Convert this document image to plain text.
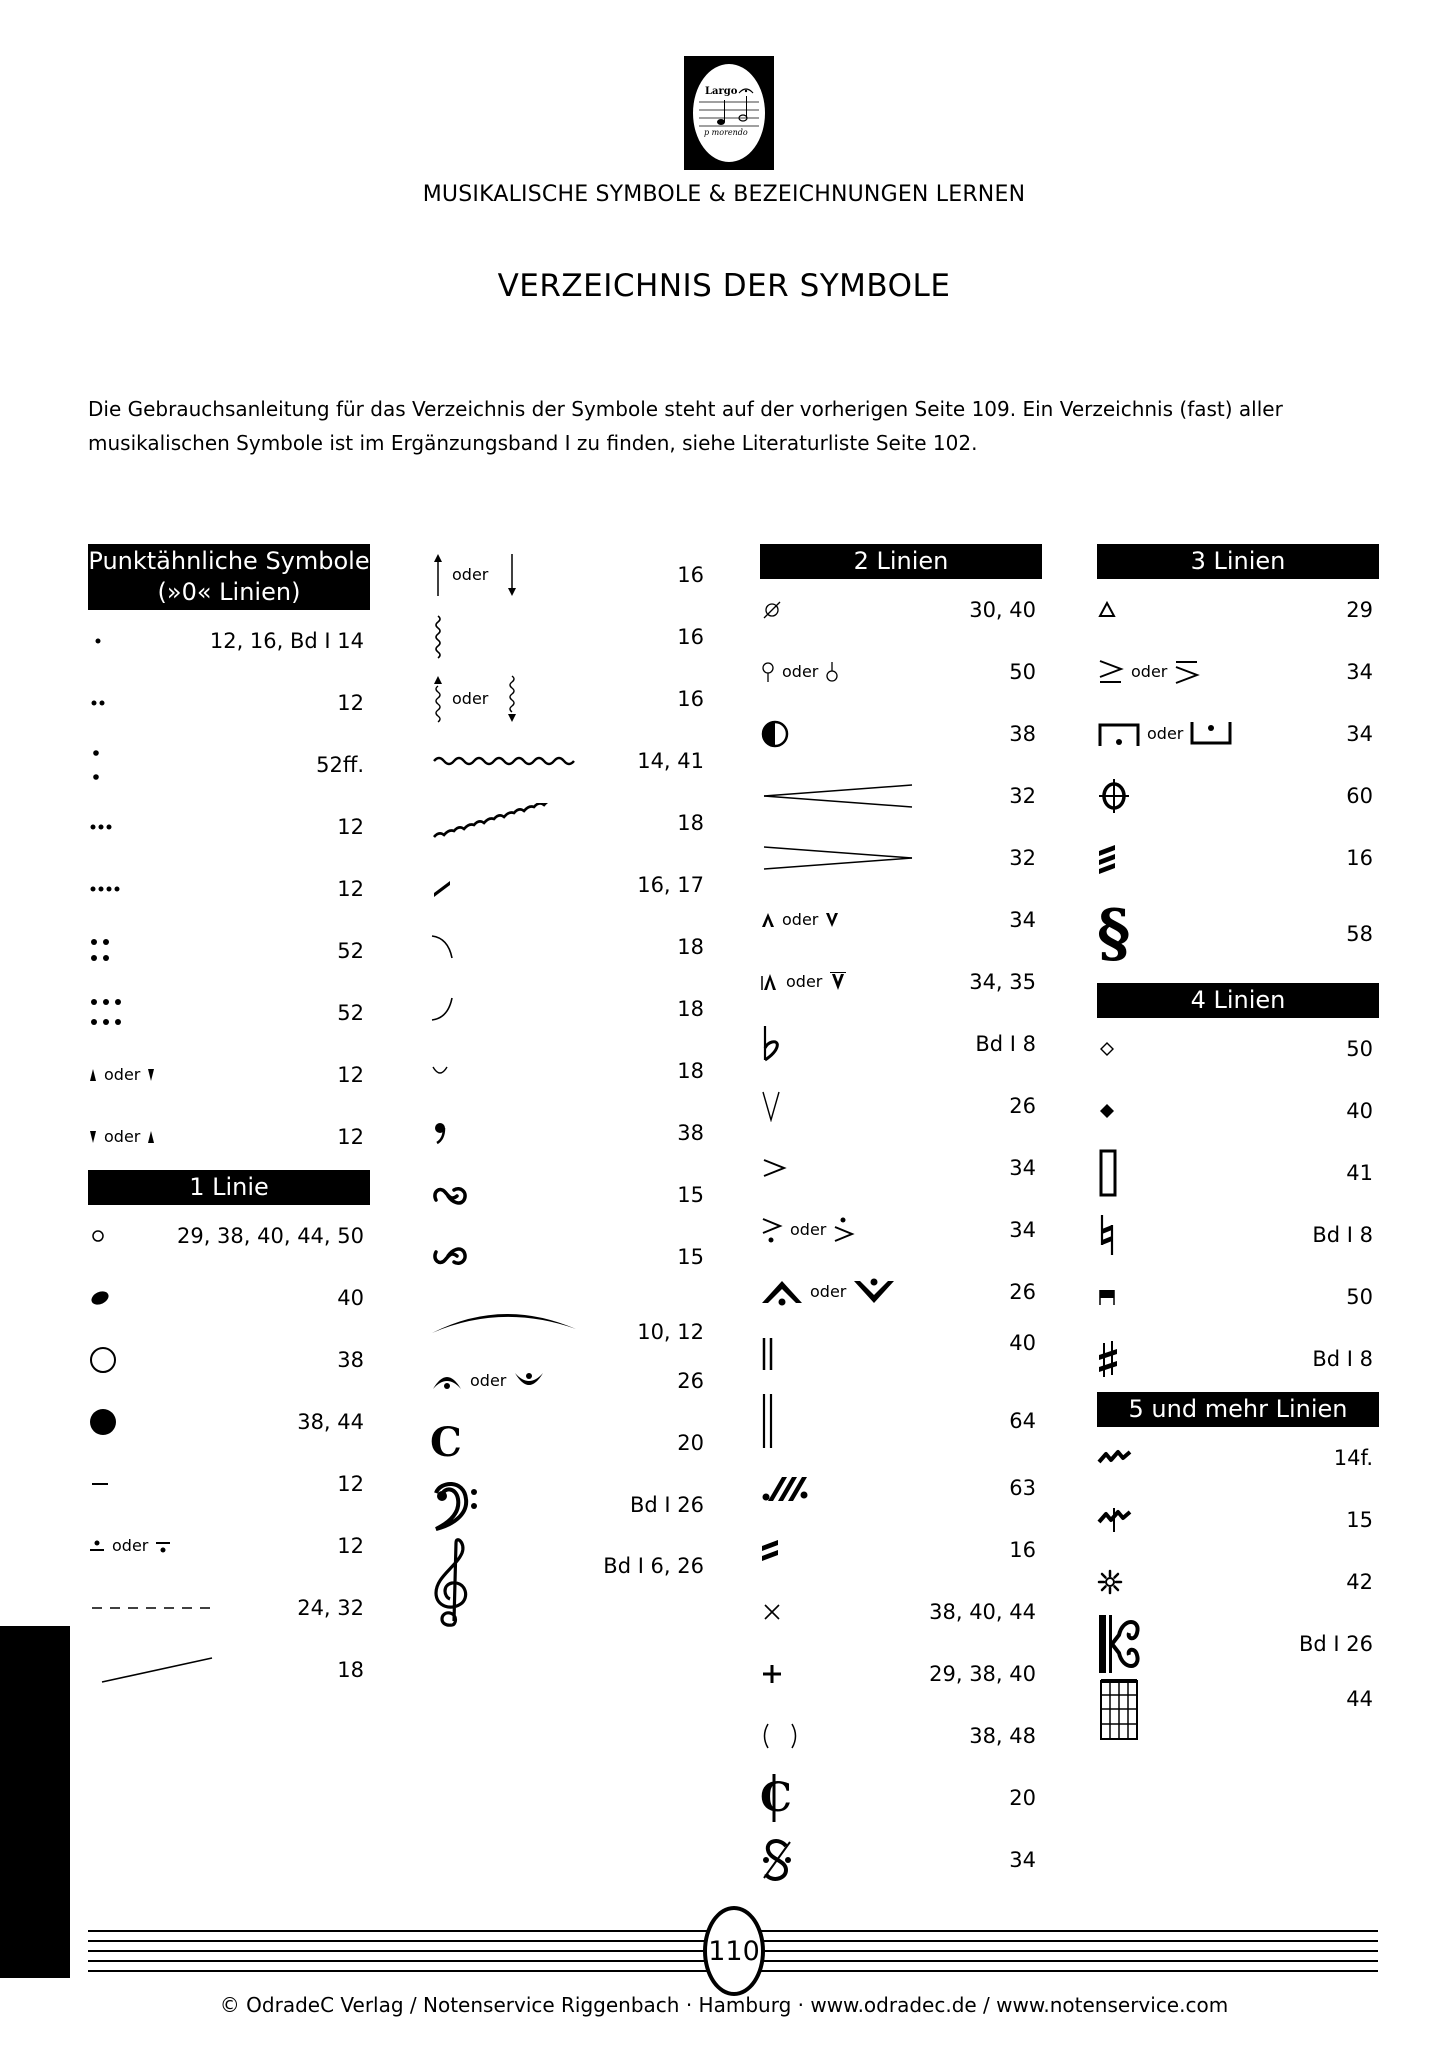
Largo
p morendo
MUSIKALISCHE SYMBOLE & BEZEICHNUNGEN LERNEN
VERZEICHNIS DER SYMBOLE
Die Gebrauchsanleitung für das Verzeichnis der Symbole steht auf der vorherigen Seite 109. Ein Verzeichnis (fast) aller musikalischen Symbole ist im Ergänzungsband I zu finden, siehe Literaturliste Seite 102.
Punktähnliche Symbole
(»0« Linien)
12, 16, Bd I 14
12
52ff.
12
12
52
52
oder	12
oder	12
1 Linie
29, 38, 40, 44, 50
40
38
38, 44
12
oder	12
24, 32
18
oder	16
16
oder	16
14, 41
18
16, 17
18
18
18
38
15
15
10, 12
oder	26
C	20
Bd I 26
Bd I 6, 26
2 Linien
30, 40
oder	50
38
32
32
oder	34
oder	34, 35
Bd I 8
26
34
oder	34
oder	26
40
64
63
16
38, 40, 44
29, 38, 40
38, 48
C	20
34
3 Linien
29
oder	34
oder	34
60
16
§	58
4 Linien
50
40
41
Bd I 8
50
Bd I 8
5 und mehr Linien
14f.
15
42
Bd I 26
44
110
© OdradeC Verlag / Notenservice Riggenbach · Hamburg · www.odradec.de / www.notenservice.com
